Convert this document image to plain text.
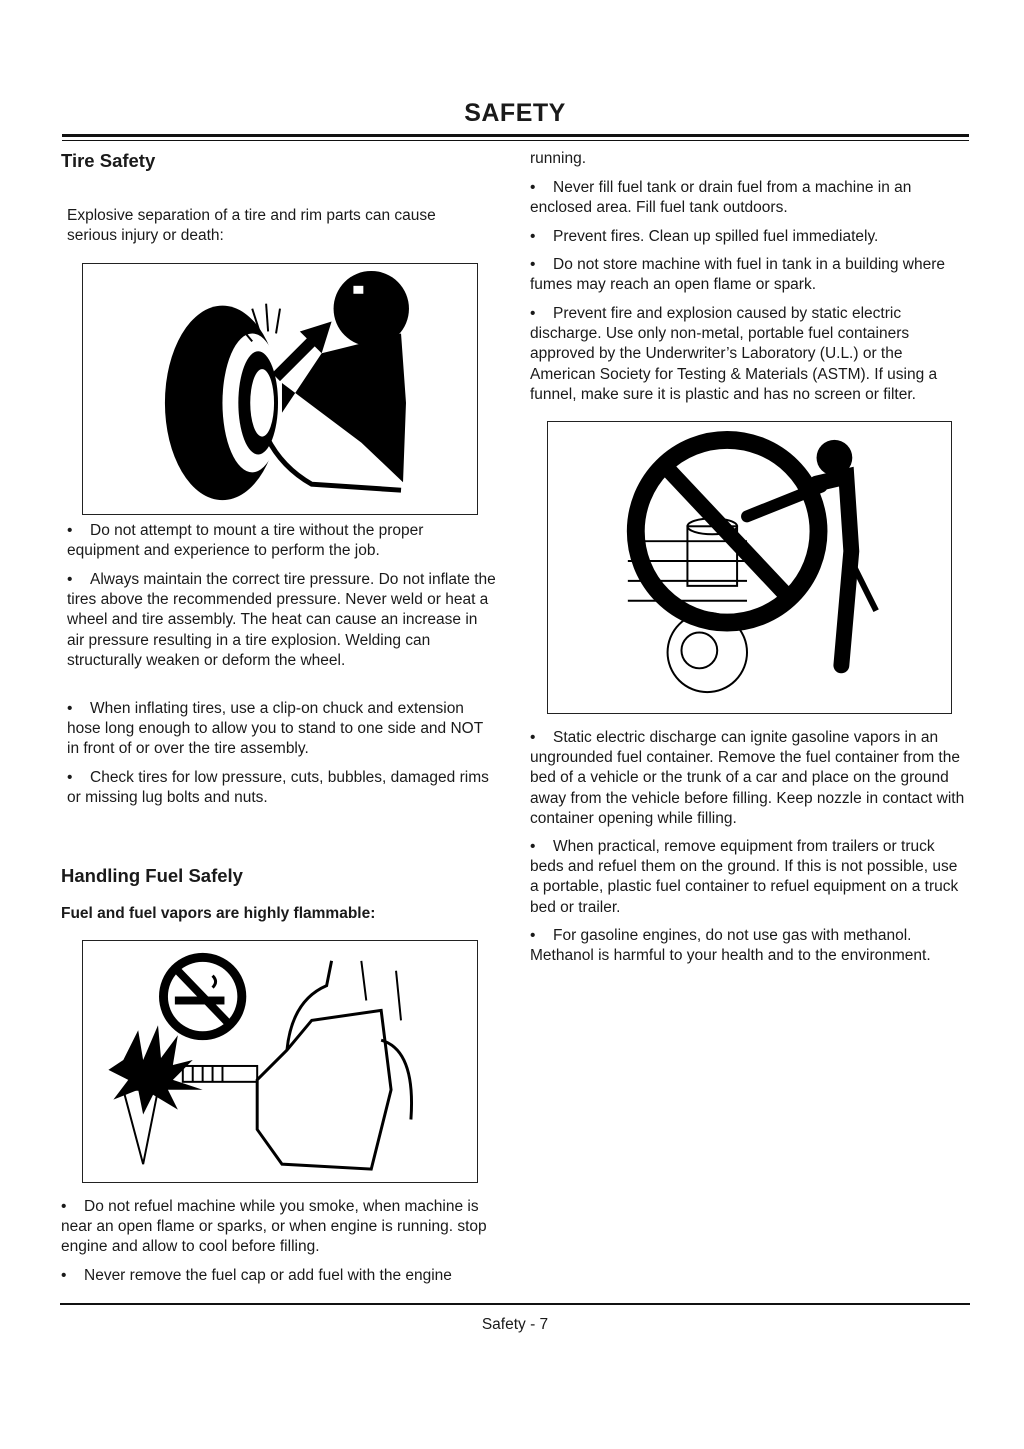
SAFETY
Tire Safety

Explosive separation of a tire and rim parts can cause serious injury or death:

• Do not attempt to mount a tire without the proper equipment and experience to perform the job.

• Always maintain the correct tire pressure. Do not inflate the tires above the recommended pressure. Never weld or heat a wheel and tire assembly. The heat can cause an increase in air pressure resulting in a tire explosion. Welding can structurally weaken or deform the wheel.

• When inflating tires, use a clip-on chuck and extension hose long enough to allow you to stand to one side and NOT in front of or over the tire assembly.

• Check tires for low pressure, cuts, bubbles, damaged rims or missing lug bolts and nuts.

Handling Fuel Safely

Fuel and fuel vapors are highly flammable:

• Do not refuel machine while you smoke, when machine is near an open flame or sparks, or when engine is running. stop engine and allow to cool before filling.

• Never remove the fuel cap or add fuel with the engine

running.

• Never fill fuel tank or drain fuel from a machine in an enclosed area. Fill fuel tank outdoors.

• Prevent fires. Clean up spilled fuel immediately.

• Do not store machine with fuel in tank in a building where fumes may reach an open flame or spark.

• Prevent fire and explosion caused by static electric discharge. Use only non-metal, portable fuel containers approved by the Underwriter’s Laboratory (U.L.) or the American Society for Testing & Materials (ASTM). If using a funnel, make sure it is plastic and has no screen or filter.

• Static electric discharge can ignite gasoline vapors in an ungrounded fuel container. Remove the fuel container from the bed of a vehicle or the trunk of a car and place on the ground away from the vehicle before filling. Keep nozzle in contact with container opening while filling.

• When practical, remove equipment from trailers or truck beds and refuel them on the ground. If this is not possible, use a portable, plastic fuel container to refuel equipment on a truck bed or trailer.

• For gasoline engines, do not use gas with methanol. Methanol is harmful to your health and to the environment.

Safety - 7
